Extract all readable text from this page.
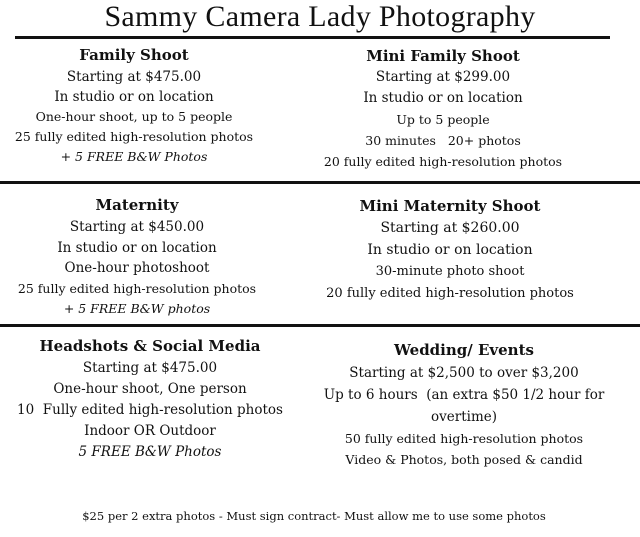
Sammy Camera Lady Photography
Family Shoot
Starting at $475.00
In studio or on location
One-hour shoot, up to 5 people
25 fully edited high-resolution photos
+ 5 FREE B&W Photos
Mini Family Shoot
Starting at $299.00
In studio or on location
Up to 5 people
30 minutes   20+ photos
20 fully edited high-resolution photos
Maternity
Starting at $450.00
In studio or on location
One-hour photoshoot
25 fully edited high-resolution photos
+ 5 FREE B&W photos
Mini Maternity Shoot
Starting at $260.00
In studio or on location
30-minute photo shoot
20 fully edited high-resolution photos
Headshots & Social Media
Starting at $475.00
One-hour shoot, One person
10  Fully edited high-resolution photos
Indoor OR Outdoor
5 FREE B&W Photos
Wedding/ Events
Starting at $2,500 to over $3,200
Up to 6 hours  (an extra $50 1/2 hour for
overtime)
50 fully edited high-resolution photos
Video & Photos, both posed & candid
$25 per 2 extra photos - Must sign contract- Must allow me to use some photos
